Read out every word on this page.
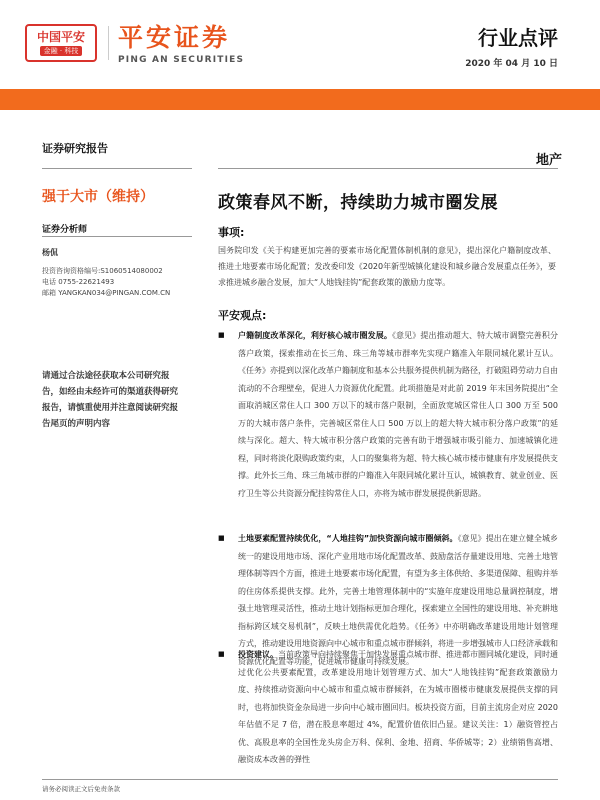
中国平安
金融 · 科技 平安证券
PING AN SECURITIES
行业点评
2020 年 04 月 10 日
证券研究报告
强于大市（维持）
证券分析师
杨侃
投资咨询资格编号:S1060514080002
电话 0755-22621493
邮箱 YANGKAN034@PINGAN.COM.CN
请通过合法途径获取本公司研究报告，如经由未经许可的渠道获得研究报告，请慎重使用并注意阅读研究报告尾页的声明内容
地产
政策春风不断，持续助力城市圈发展
事项:
国务院印发《关于构建更加完善的要素市场化配置体制机制的意见》，提出深化户籍制度改革、推进土地要素市场化配置；发改委印发《2020年新型城镇化建设和城乡融合发展重点任务》，要求推进城乡融合发展，加大“人地钱挂钩”配套政策的激励力度等。
平安观点:
■ 户籍制度改革深化，利好核心城市圈发展。《意见》提出推动超大、特大城市调整完善积分落户政策，探索推动在长三角、珠三角等城市群率先实现户籍准入年限同城化累计互认。《任务》亦提到以深化改革户籍制度和基本公共服务提供机制为路径，打破阻碍劳动力自由流动的不合理壁垒，促进人力资源优化配置。此项措施是对此前 2019 年末国务院提出“全面取消城区常住人口 300 万以下的城市落户限制，全面放宽城区常住人口 300 万至 500 万的大城市落户条件，完善城区常住人口 500 万以上的超大特大城市积分落户政策”的延续与深化。超大、特大城市积分落户政策的完善有助于增强城市吸引能力、加速城镇化进程，同时将淡化限购政策约束，人口的聚集将为超、特大核心城市楼市健康有序发展提供支撑。此外长三角、珠三角城市群的户籍准入年限同城化累计互认，城镇教育、就业创业、医疗卫生等公共资源分配挂钩常住人口，亦将为城市群发展提供新思路。
■ 土地要素配置持续优化，“人地挂钩”加快资源向城市圈倾斜。《意见》提出在建立健全城乡统一的建设用地市场、深化产业用地市场化配置改革、鼓励盘活存量建设用地、完善土地管理体制等四个方面，推进土地要素市场化配置，有望为多主体供给、多渠道保障、租购并举的住房体系提供支撑。此外，完善土地管理体制中的“实施年度建设用地总量调控制度，增强土地管理灵活性，推动土地计划指标更加合理化，探索建立全国性的建设用地、补充耕地指标跨区域交易机制”，反映土地供需优化趋势。《任务》中亦明确改革建设用地计划管理方式，推动建设用地资源向中心城市和重点城市群倾斜，将进一步增强城市人口经济承载和资源优化配置等功能，促进城市健康可持续发展。
■ 投资建议。当前政策导向持续聚焦于加快发展重点城市群、推进都市圈同城化建设，同时通过优化公共要素配置，改革建设用地计划管理方式、加大“人地钱挂钩”配套政策激励力度、持续推动资源向中心城市和重点城市群倾斜，在为城市圈楼市健康发展提供支撑的同时，也将加快资金杂局进一步向中心城市圈回归。板块投资方面，目前主流房企对应 2020 年估值不足 7 倍，潜在股息率超过 4%，配置价值依旧凸显。建议关注：1）融资管控占优、高股息率的全国性龙头房企万科、保利、金地、招商、华侨城等；2）业绩销售高增、融资成本改善的弹性
请务必阅读正文后免责条款
